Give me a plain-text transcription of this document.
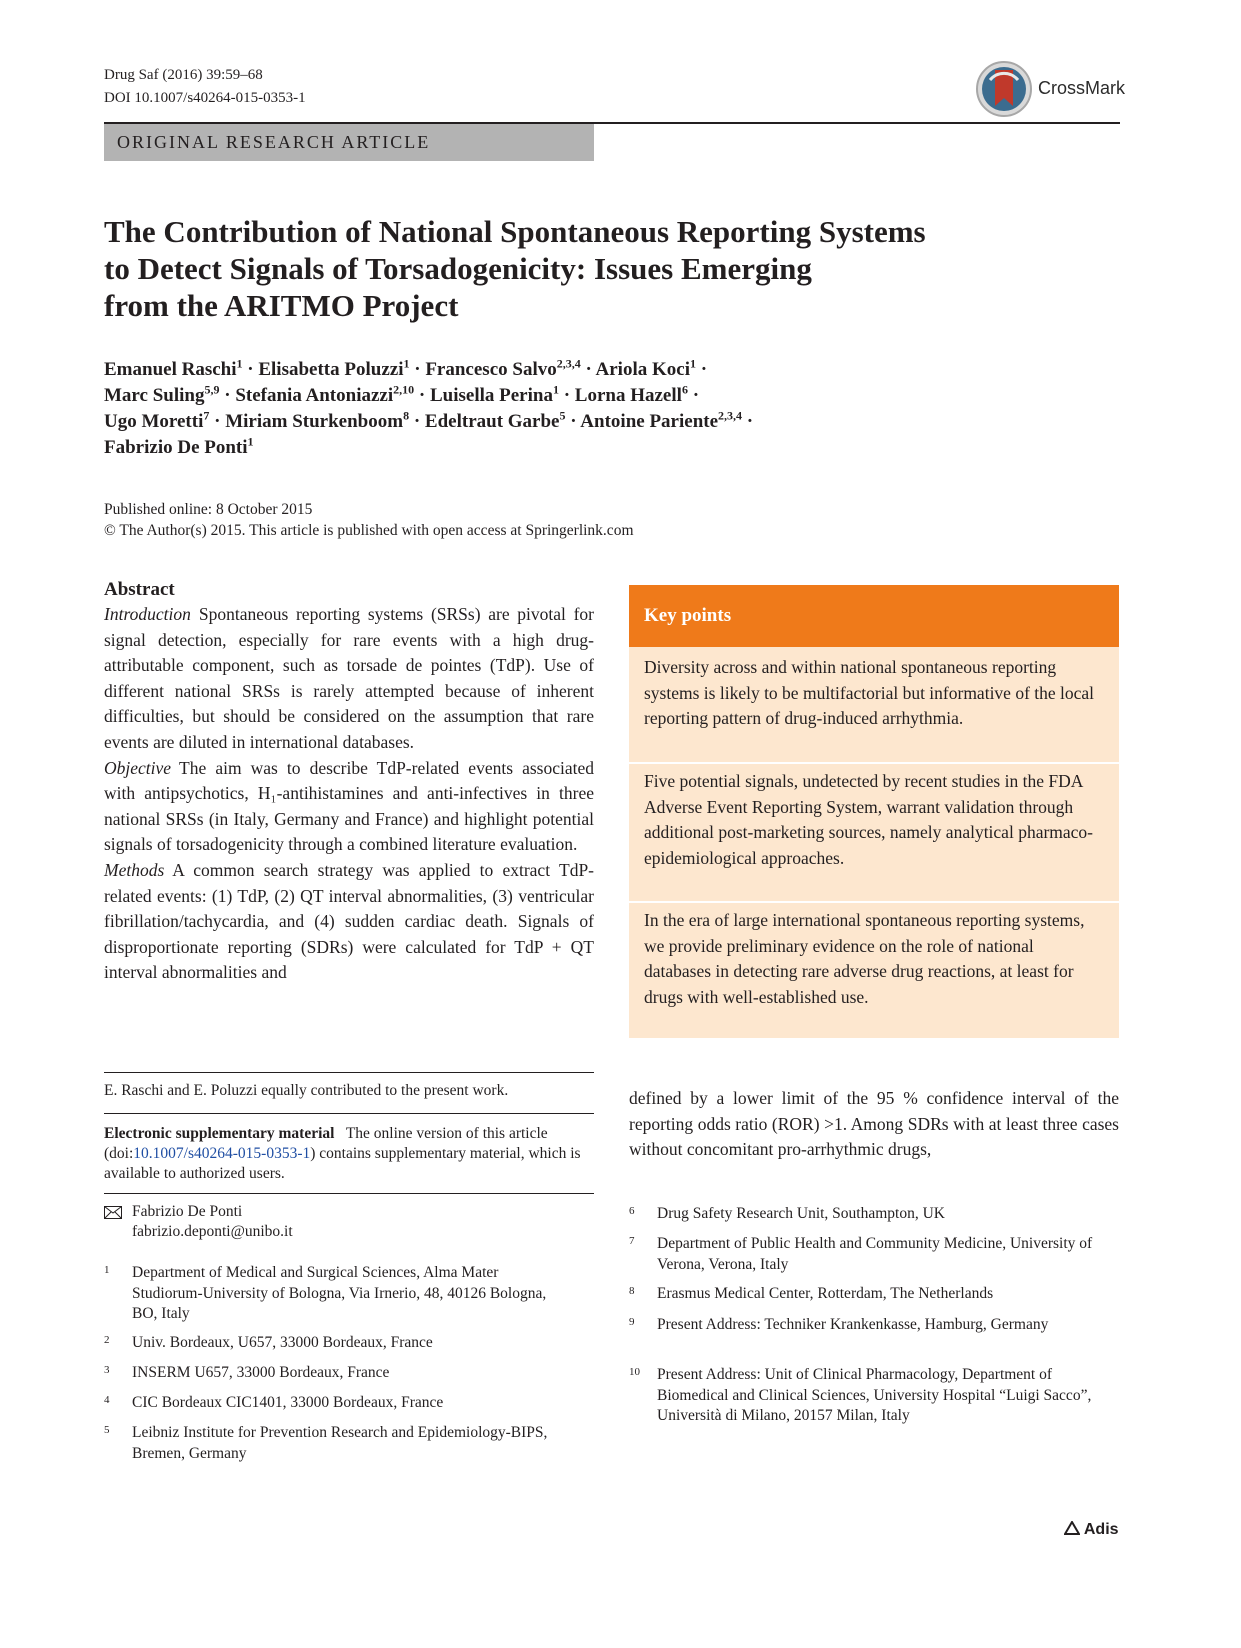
Drug Saf (2016) 39:59–68
DOI 10.1007/s40264-015-0353-1	CrossMark
ORIGINAL RESEARCH ARTICLE
The Contribution of National Spontaneous Reporting Systems
to Detect Signals of Torsadogenicity: Issues Emerging
from the ARITMO Project
Emanuel Raschi$^1$ · Elisabetta Poluzzi$^1$ · Francesco Salvo$^{2,3,4}$ · Ariola Koci$^1$ ·
Marc Suling$^{5,9}$ · Stefania Antoniazzi$^{2,10}$ · Luisella Perina$^1$ · Lorna Hazell$^6$ ·
Ugo Moretti$^7$ · Miriam Sturkenboom$^8$ · Edeltraut Garbe$^5$ · Antoine Pariente$^{2,3,4}$ ·
Fabrizio De Ponti$^1$
Published online: 8 October 2015
© The Author(s) 2015. This article is published with open access at Springerlink.com
Abstract

Introduction Spontaneous reporting systems (SRSs) are pivotal for signal detection, especially for rare events with a high drug-attributable component, such as torsade de pointes (TdP). Use of different national SRSs is rarely attempted because of inherent difficulties, but should be considered on the assumption that rare events are diluted in international databases.

Objective The aim was to describe TdP-related events associated with antipsychotics, H₁-antihistamines and anti-infectives in three national SRSs (in Italy, Germany and France) and highlight potential signals of torsadogenicity through a combined literature evaluation.

Methods A common search strategy was applied to extract TdP-related events: (1) TdP, (2) QT interval abnormalities, (3) ventricular fibrillation/tachycardia, and (4) sudden cardiac death. Signals of disproportionate reporting (SDRs) were calculated for TdP + QT interval abnormalities and

Key points
Diversity across and within national spontaneous reporting systems is likely to be multifactorial but informative of the local reporting pattern of drug-induced arrhythmia.
Five potential signals, undetected by recent studies in the FDA Adverse Event Reporting System, warrant validation through additional post-marketing sources, namely analytical pharmaco-epidemiological approaches.
In the era of large international spontaneous reporting systems, we provide preliminary evidence on the role of national databases in detecting rare adverse drug reactions, at least for drugs with well-established use.
E. Raschi and E. Poluzzi equally contributed to the present work.
Electronic supplementary material The online version of this article (doi:10.1007/s40264-015-0353-1) contains supplementary material, which is available to authorized users.
Fabrizio De Ponti
fabrizio.deponti@unibo.it
1 Department of Medical and Surgical Sciences, Alma Mater Studiorum-University of Bologna, Via Irnerio, 48, 40126 Bologna, BO, Italy
2 Univ. Bordeaux, U657, 33000 Bordeaux, France
3 INSERM U657, 33000 Bordeaux, France
4 CIC Bordeaux CIC1401, 33000 Bordeaux, France
5 Leibniz Institute for Prevention Research and Epidemiology-BIPS, Bremen, Germany
defined by a lower limit of the 95 % confidence interval of the reporting odds ratio (ROR) >1. Among SDRs with at least three cases without concomitant pro-arrhythmic drugs,
6 Drug Safety Research Unit, Southampton, UK
7 Department of Public Health and Community Medicine, University of Verona, Verona, Italy
8 Erasmus Medical Center, Rotterdam, The Netherlands
9 Present Address: Techniker Krankenkasse, Hamburg, Germany
10 Present Address: Unit of Clinical Pharmacology, Department of Biomedical and Clinical Sciences, University Hospital “Luigi Sacco”, Università di Milano, 20157 Milan, Italy
Adis
